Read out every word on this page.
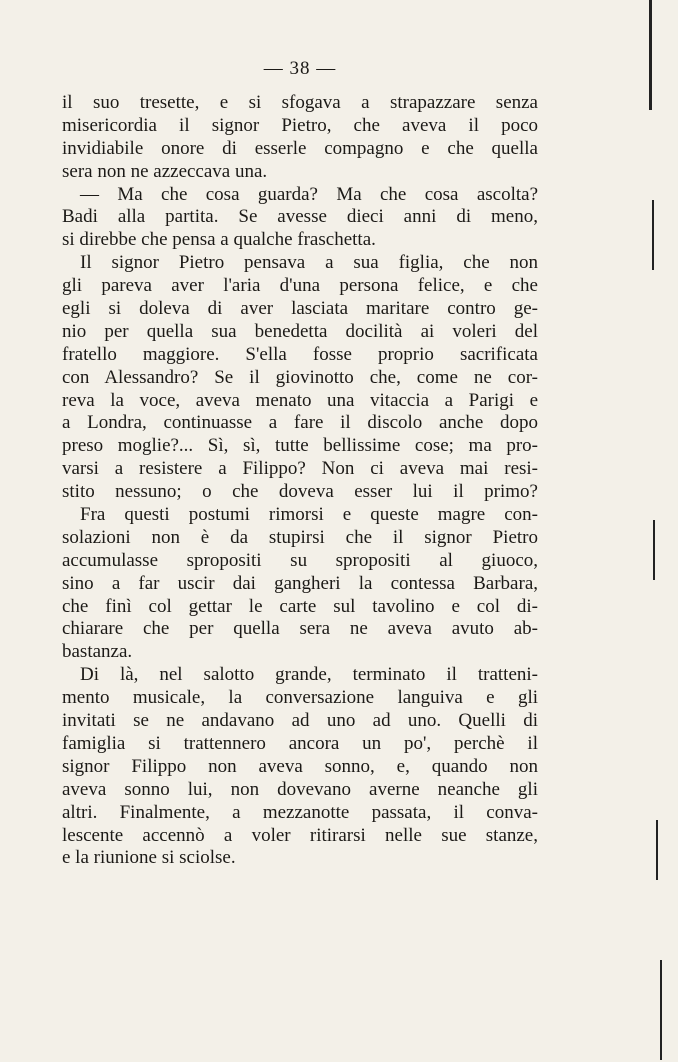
— 38 —
il suo tresette, e si sfogava a strapazzare senza
misericordia il signor Pietro, che aveva il poco
invidiabile onore di esserle compagno e che quella
sera non ne azzeccava una.
— Ma che cosa guarda? Ma che cosa ascolta?
Badi alla partita. Se avesse dieci anni di meno,
si direbbe che pensa a qualche fraschetta.
Il signor Pietro pensava a sua figlia, che non
gli pareva aver l'aria d'una persona felice, e che
egli si doleva di aver lasciata maritare contro ge-
nio per quella sua benedetta docilità ai voleri del
fratello maggiore. S'ella fosse proprio sacrificata
con Alessandro? Se il giovinotto che, come ne cor-
reva la voce, aveva menato una vitaccia a Parigi e
a Londra, continuasse a fare il discolo anche dopo
preso moglie?... Sì, sì, tutte bellissime cose; ma pro-
varsi a resistere a Filippo? Non ci aveva mai resi-
stito nessuno; o che doveva esser lui il primo?
Fra questi postumi rimorsi e queste magre con-
solazioni non è da stupirsi che il signor Pietro
accumulasse spropositi su spropositi al giuoco,
sino a far uscir dai gangheri la contessa Barbara,
che finì col gettar le carte sul tavolino e col di-
chiarare che per quella sera ne aveva avuto ab-
bastanza.
Di là, nel salotto grande, terminato il tratteni-
mento musicale, la conversazione languiva e gli
invitati se ne andavano ad uno ad uno. Quelli di
famiglia si trattennero ancora un po', perchè il
signor Filippo non aveva sonno, e, quando non
aveva sonno lui, non dovevano averne neanche gli
altri. Finalmente, a mezzanotte passata, il conva-
lescente accennò a voler ritirarsi nelle sue stanze,
e la riunione si sciolse.
